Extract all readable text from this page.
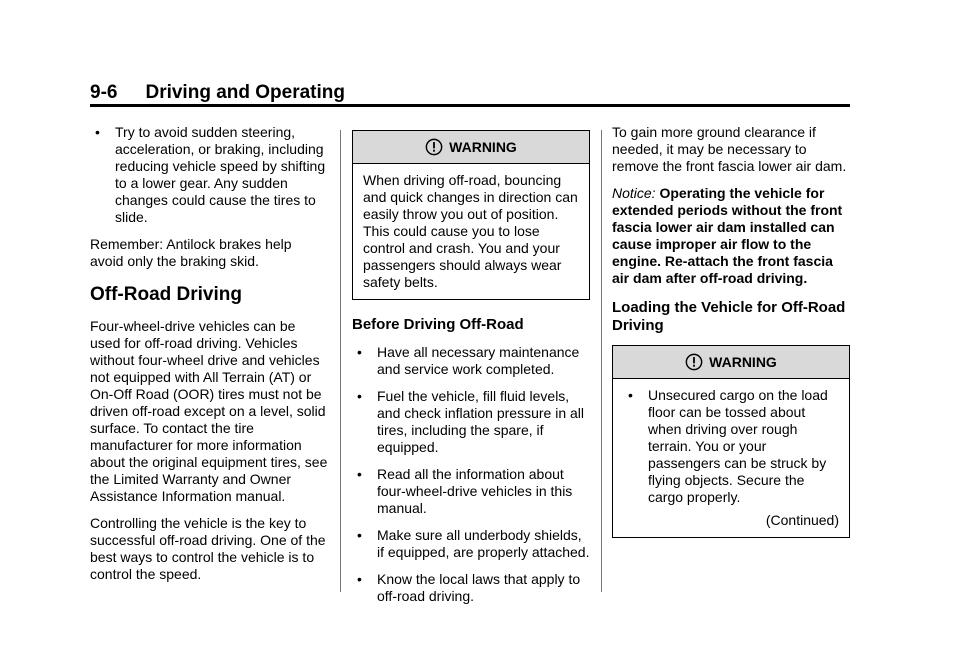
9-6 Driving and Operating
• Try to avoid sudden steering, acceleration, or braking, including reducing vehicle speed by shifting to a lower gear. Any sudden changes could cause the tires to slide.

Remember: Antilock brakes help avoid only the braking skid.

Off-Road Driving

Four-wheel-drive vehicles can be used for off-road driving. Vehicles without four-wheel drive and vehicles not equipped with All Terrain (AT) or On-Off Road (OOR) tires must not be driven off-road except on a level, solid surface. To contact the tire manufacturer for more information about the original equipment tires, see the Limited Warranty and Owner Assistance Information manual.

Controlling the vehicle is the key to successful off-road driving. One of the best ways to control the vehicle is to control the speed.

WARNING

When driving off-road, bouncing and quick changes in direction can easily throw you out of position. This could cause you to lose control and crash. You and your passengers should always wear safety belts.

Before Driving Off-Road
• Have all necessary maintenance and service work completed.
• Fuel the vehicle, fill fluid levels, and check inflation pressure in all tires, including the spare, if equipped.
• Read all the information about four-wheel-drive vehicles in this manual.
• Make sure all underbody shields, if equipped, are properly attached.
• Know the local laws that apply to off-road driving.

To gain more ground clearance if needed, it may be necessary to remove the front fascia lower air dam.

Notice: Operating the vehicle for extended periods without the front fascia lower air dam installed can cause improper air flow to the engine. Re-attach the front fascia air dam after off-road driving.

Loading the Vehicle for Off-Road Driving
WARNING
• Unsecured cargo on the load floor can be tossed about when driving over rough terrain. You or your passengers can be struck by flying objects. Secure the cargo properly.
(Continued)
